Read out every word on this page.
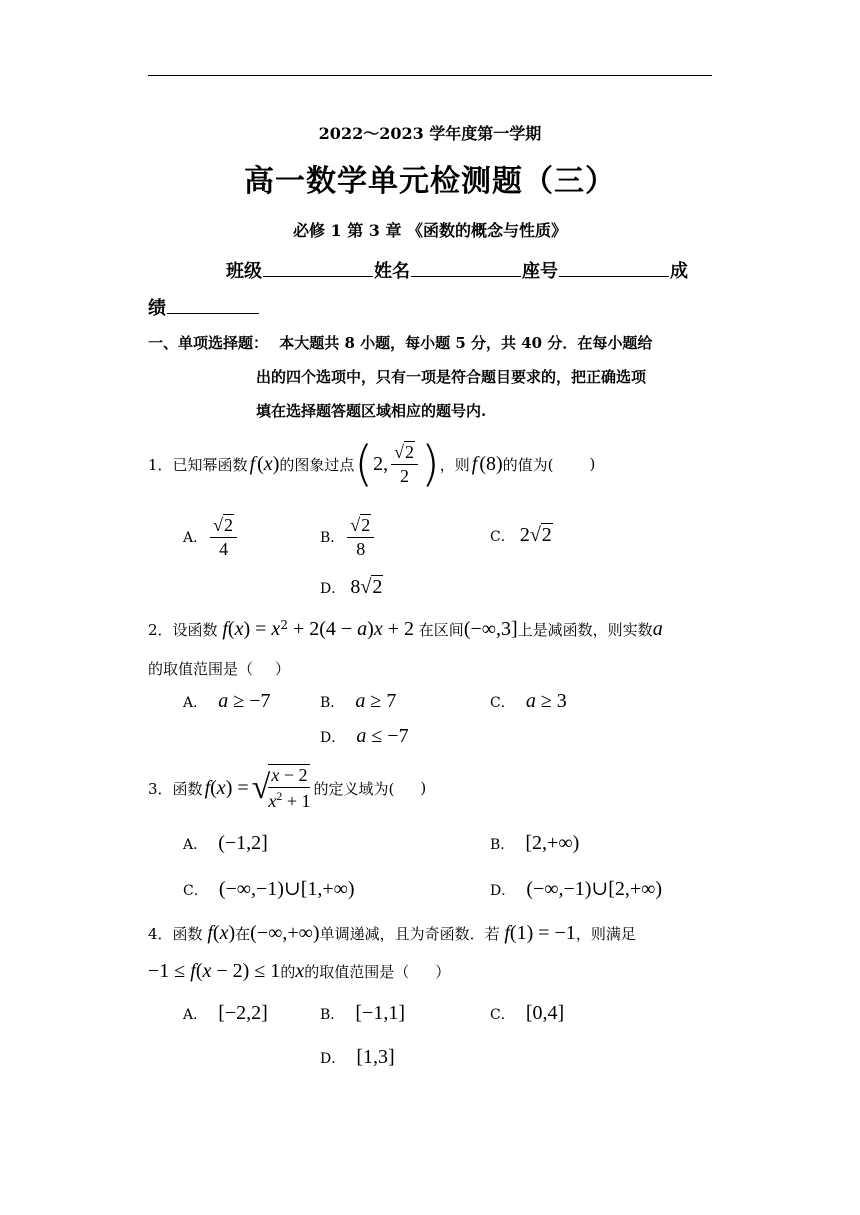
2022～2023 学年度第一学期
高一数学单元检测题（三）
必修 1 第 3 章 《函数的概念与性质》
班级	姓名	座号	成
绩
一、单项选择题： 本大题共 8 小题，每小题 5 分，共 40 分．在每小题给
出的四个选项中，只有一项是符合题目要求的，把正确选项
填在选择题答题区域相应的题号内.
1． 已知幂函数 f ( x ) 的图象过点 ( 2, $\frac{√2}{2}$ ) ，则 f (8) 的值为( )
A． $\frac{√2}{4}$	B． $\frac{√2}{8}$	C． 2√2
D． 8√2
2．设函数 $f(x) = x^2 + 2(4 - a)x + 2$ 在区间(−∞,3]上是减函数，则实数a
的取值范围是（ ）
A． a ≥ −7	B． a ≥ 7	C． a ≥ 3
D． a ≤ −7
3． 函数 f ( x ) = √
$\frac{x - 2}{x^2 + 1}$ 的定义域为( )
A． (−1,2]	B． [2,+∞)
C． (−∞,−1)∪[1,+∞)	D． (−∞,−1)∪[2,+∞)
4．函数 f(x)在(−∞,+∞)单调递减，且为奇函数．若 f(1) = −1，则满足
−1 ≤ f(x − 2) ≤ 1的x的取值范围是（ ）
A． [−2,2]	B． [−1,1]	C． [0,4]
D． [1,3]
